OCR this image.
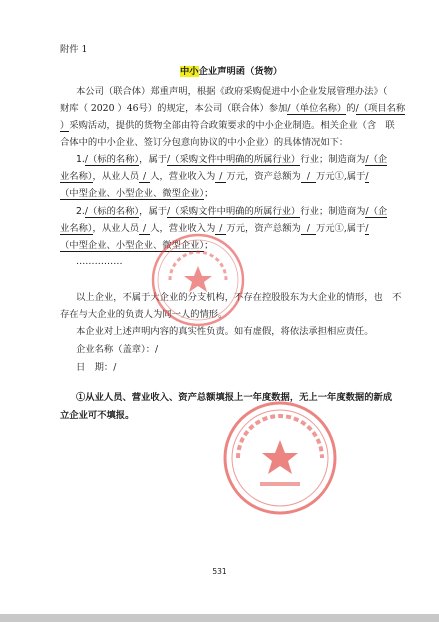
附件 1
中小企业声明函（货物）
本公司（联合体）郑重声明，根据《政府采购促进中小企业发展管理办法》（
财库（ 2020 ）46号）的规定，本公司（联合体）参加/（单位名称）的/（项目名称
）采购活动，提供的货物全部由符合政策要求的中小企业制造。相关企业（含　联
合体中的中小企业、签订分包意向协议的中小企业）的具体情况如下：
1./（标的名称），属于/（采购文件中明确的所属行业）行业；制造商为/（企
业名称），从业人员 / 人，营业收入为 / 万元，资产总额为 / 万元①,属于/
（中型企业、小型企业、微型企业）；
2./（标的名称），属于/（采购文件中明确的所属行业）行业；制造商为/（企
业名称），从业人员 / 人，营业收入为 / 万元，资产总额为 / 万元①,属于/
（中型企业、小型企业、微型企业）；
……………
以上企业，不属于大企业的分支机构，不存在控股股东为大企业的情形，也　不
存在与大企业的负责人为同一人的情形。
本企业对上述声明内容的真实性负责。如有虚假，将依法承担相应责任。
企业名称（盖章）：/
日　期：/
①从业人员、营业收入、资产总额填报上一年度数据，无上一年度数据的新成
立企业可不填报。
531
